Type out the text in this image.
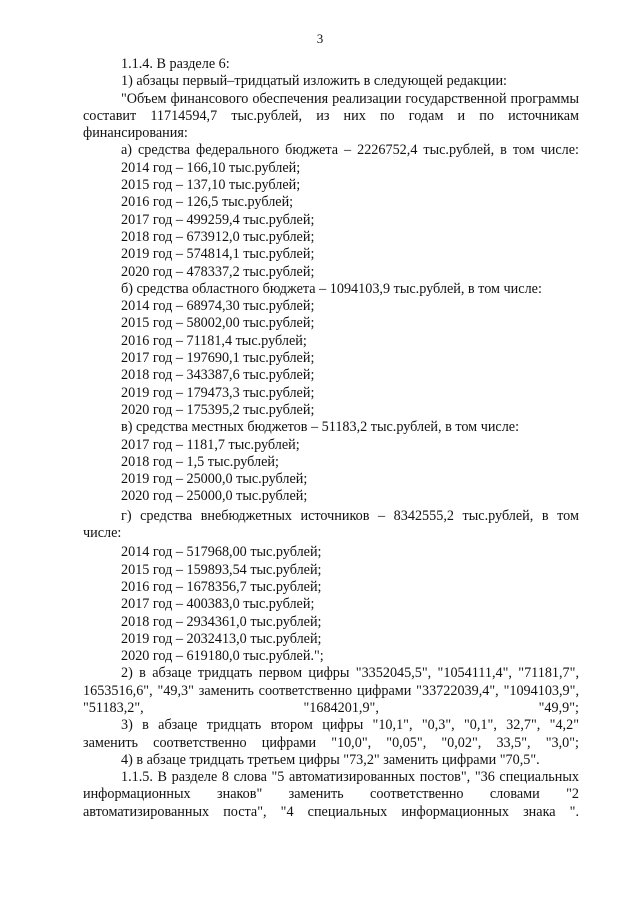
3

1.1.4. В разделе 6:

1) абзацы первый–тридцатый изложить в следующей редакции:

"Объем финансового обеспечения реализации государственной программы составит 11714594,7 тыс.рублей, из них по годам и по источникам финансирования:

а) средства федерального бюджета – 2226752,4 тыс.рублей, в том числе:

2014 год – 166,10 тыс.рублей;

2015 год – 137,10 тыс.рублей;

2016 год – 126,5 тыс.рублей;

2017 год – 499259,4 тыс.рублей;

2018 год – 673912,0 тыс.рублей;

2019 год – 574814,1 тыс.рублей;

2020 год – 478337,2 тыс.рублей;

б) средства областного бюджета – 1094103,9 тыс.рублей, в том числе:

2014 год – 68974,30 тыс.рублей;

2015 год – 58002,00 тыс.рублей;

2016 год – 71181,4 тыс.рублей;

2017 год – 197690,1 тыс.рублей;

2018 год – 343387,6 тыс.рублей;

2019 год – 179473,3 тыс.рублей;

2020 год – 175395,2 тыс.рублей;

в) средства местных бюджетов – 51183,2 тыс.рублей, в том числе:

2017 год – 1181,7 тыс.рублей;

2018 год – 1,5 тыс.рублей;

2019 год – 25000,0 тыс.рублей;

2020 год – 25000,0 тыс.рублей;

г) средства внебюджетных источников – 8342555,2 тыс.рублей, в том числе:

2014 год – 517968,00 тыс.рублей;

2015 год – 159893,54 тыс.рублей;

2016 год – 1678356,7 тыс.рублей;

2017 год – 400383,0 тыс.рублей;

2018 год – 2934361,0 тыс.рублей;

2019 год – 2032413,0 тыс.рублей;

2020 год – 619180,0 тыс.рублей.";

2) в абзаце тридцать первом цифры "3352045,5", "1054111,4", "71181,7", 1653516,6", "49,3" заменить соответственно цифрами "33722039,4", "1094103,9", "51183,2", "1684201,9", "49,9";

3) в абзаце тридцать втором цифры "10,1", "0,3", "0,1", 32,7", "4,2" заменить соответственно цифрами "10,0", "0,05", "0,02", 33,5", "3,0";

4) в абзаце тридцать третьем цифры "73,2" заменить цифрами "70,5".

1.1.5. В разделе 8 слова "5 автоматизированных постов", "36 специальных информационных знаков" заменить соответственно словами "2 автоматизированных поста", "4 специальных информационных знака ".
